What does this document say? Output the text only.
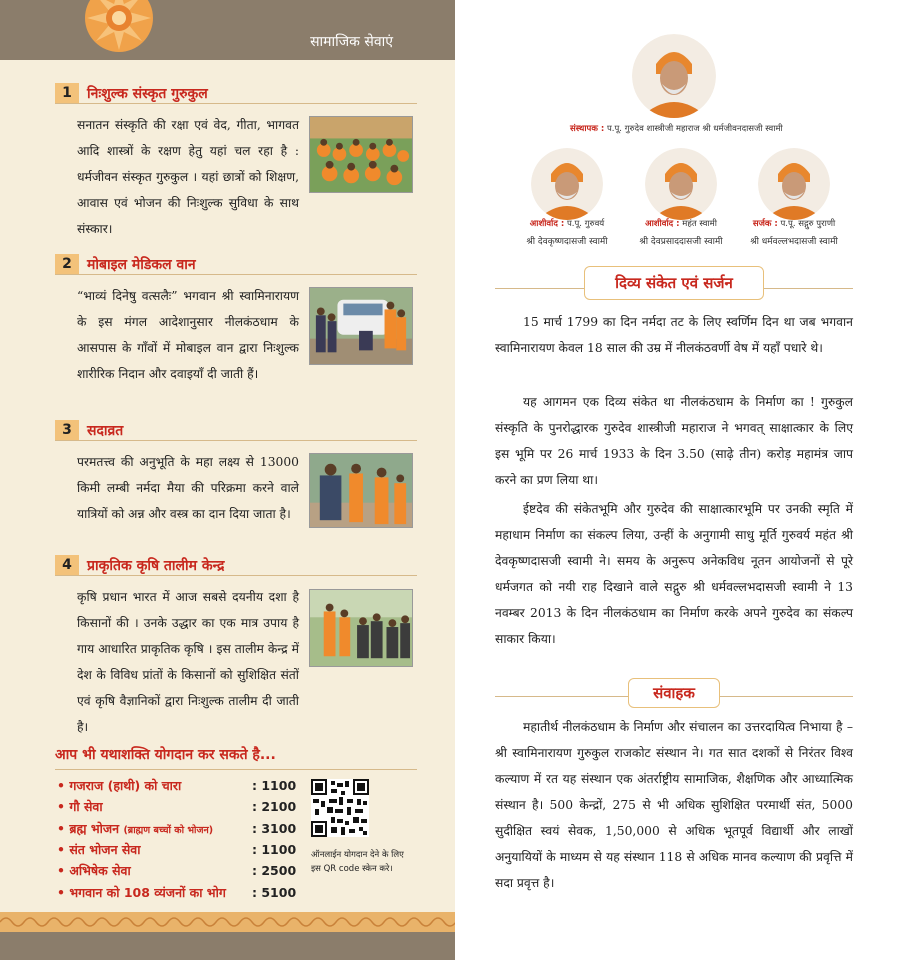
सामाजिक सेवाएं
1	निःशुल्क संस्कृत गुरुकुल
सनातन संस्कृति की रक्षा एवं वेद, गीता, भागवत आदि शास्त्रों के रक्षण हेतु यहां चल रहा है : धर्मजीवन संस्कृत गुरुकुल । यहां छात्रों को शिक्षण, आवास एवं भोजन की निःशुल्क सुविधा के साथ संस्कार।
2	मोबाइल मेडिकल वान
“भाव्यं दिनेषु वत्सलैः” भगवान श्री स्वामिनारायण के इस मंगल आदेशानुसार नीलकंठधाम के आसपास के गाँवों में मोबाइल वान द्वारा निःशुल्क शारीरिक निदान और दवाइयाँ दी जाती हैं।
3	सदाव्रत
परमतत्त्व की अनुभूति के महा लक्ष्य से 13000 किमी लम्बी नर्मदा मैया की परिक्रमा करने वाले यात्रियों को अन्न और वस्त्र का दान दिया जाता है।
4	प्राकृतिक कृषि तालीम केन्द्र
कृषि प्रधान भारत में आज सबसे दयनीय दशा है किसानों की । उनके उद्धार का एक मात्र उपाय है गाय आधारित प्राकृतिक कृषि । इस तालीम केन्द्र में देश के विविध प्रांतों के किसानों को सुशिक्षित संतों एवं कृषि वैज्ञानिकों द्वारा निःशुल्क तालीम दी जाती है।
आप भी यथाशक्ति योगदान कर सकते है...
• गजराज (हाथी) को चारा	: 1100
• गौ सेवा	: 2100
• ब्रह्म भोजन (ब्राह्मण बच्चों को भोजन)	: 3100
• संत भोजन सेवा	: 1100
• अभिषेक सेवा	: 2500
• भगवान को 108 व्यंजनों का भोग	: 5100
ऑनलाईन योगदान देने के लिए इस QR code स्केन करे।
संस्थापक : प.पू. गुरुदेव शास्त्रीजी महाराज श्री धर्मजीवनदासजी स्वामी
आशीर्वाद : प.पू. गुरुवर्य
श्री देवकृष्णदासजी स्वामी
आशीर्वाद : महंत स्वामी
श्री देवप्रसाददासजी स्वामी
सर्जक : प.पू. सद्गुरु पुराणी
श्री धर्मवल्लभदासजी स्वामी
दिव्य संकेत एवं सर्जन
15 मार्च 1799 का दिन नर्मदा तट के लिए स्वर्णिम दिन था जब भगवान स्वामिनारायण केवल 18 साल की उम्र में नीलकंठवर्णी वेष में यहाँ पधारे थे।
यह आगमन एक दिव्य संकेत था नीलकंठधाम के निर्माण का ! गुरुकुल संस्कृति के पुनरोद्धारक गुरुदेव शास्त्रीजी महाराज ने भगवत् साक्षात्कार के लिए इस भूमि पर 26 मार्च 1933 के दिन 3.50 (साढ़े तीन) करोड़ महामंत्र जाप करने का प्रण लिया था।
ईष्टदेव की संकेतभूमि और गुरुदेव की साक्षात्कारभूमि पर उनकी स्मृति में महाधाम निर्माण का संकल्प लिया, उन्हीं के अनुगामी साधु मूर्ति गुरुवर्य महंत श्री देवकृष्णदासजी स्वामी ने। समय के अनुरूप अनेकविध नूतन आयोजनों से पूरे धर्मजगत को नयी राह दिखाने वाले सद्गुरु श्री धर्मवल्लभदासजी स्वामी ने 13 नवम्बर 2013 के दिन नीलकंठधाम का निर्माण करके अपने गुरुदेव का संकल्प साकार किया।
संवाहक
महातीर्थ नीलकंठधाम के निर्माण और संचालन का उत्तरदायित्व निभाया है – श्री स्वामिनारायण गुरुकुल राजकोट संस्थान ने। गत सात दशकों से निरंतर विश्व कल्याण में रत यह संस्थान एक अंतर्राष्ट्रीय सामाजिक, शैक्षणिक और आध्यात्मिक संस्थान है। 500 केन्द्रों, 275 से भी अधिक सुशिक्षित परमार्थी संत, 5000 सुदीक्षित स्वयं सेवक, 1,50,000 से अधिक भूतपूर्व विद्यार्थी और लाखों अनुयायियों के माध्यम से यह संस्थान 118 से अधिक मानव कल्याण की प्रवृत्ति में सदा प्रवृत्त है।
